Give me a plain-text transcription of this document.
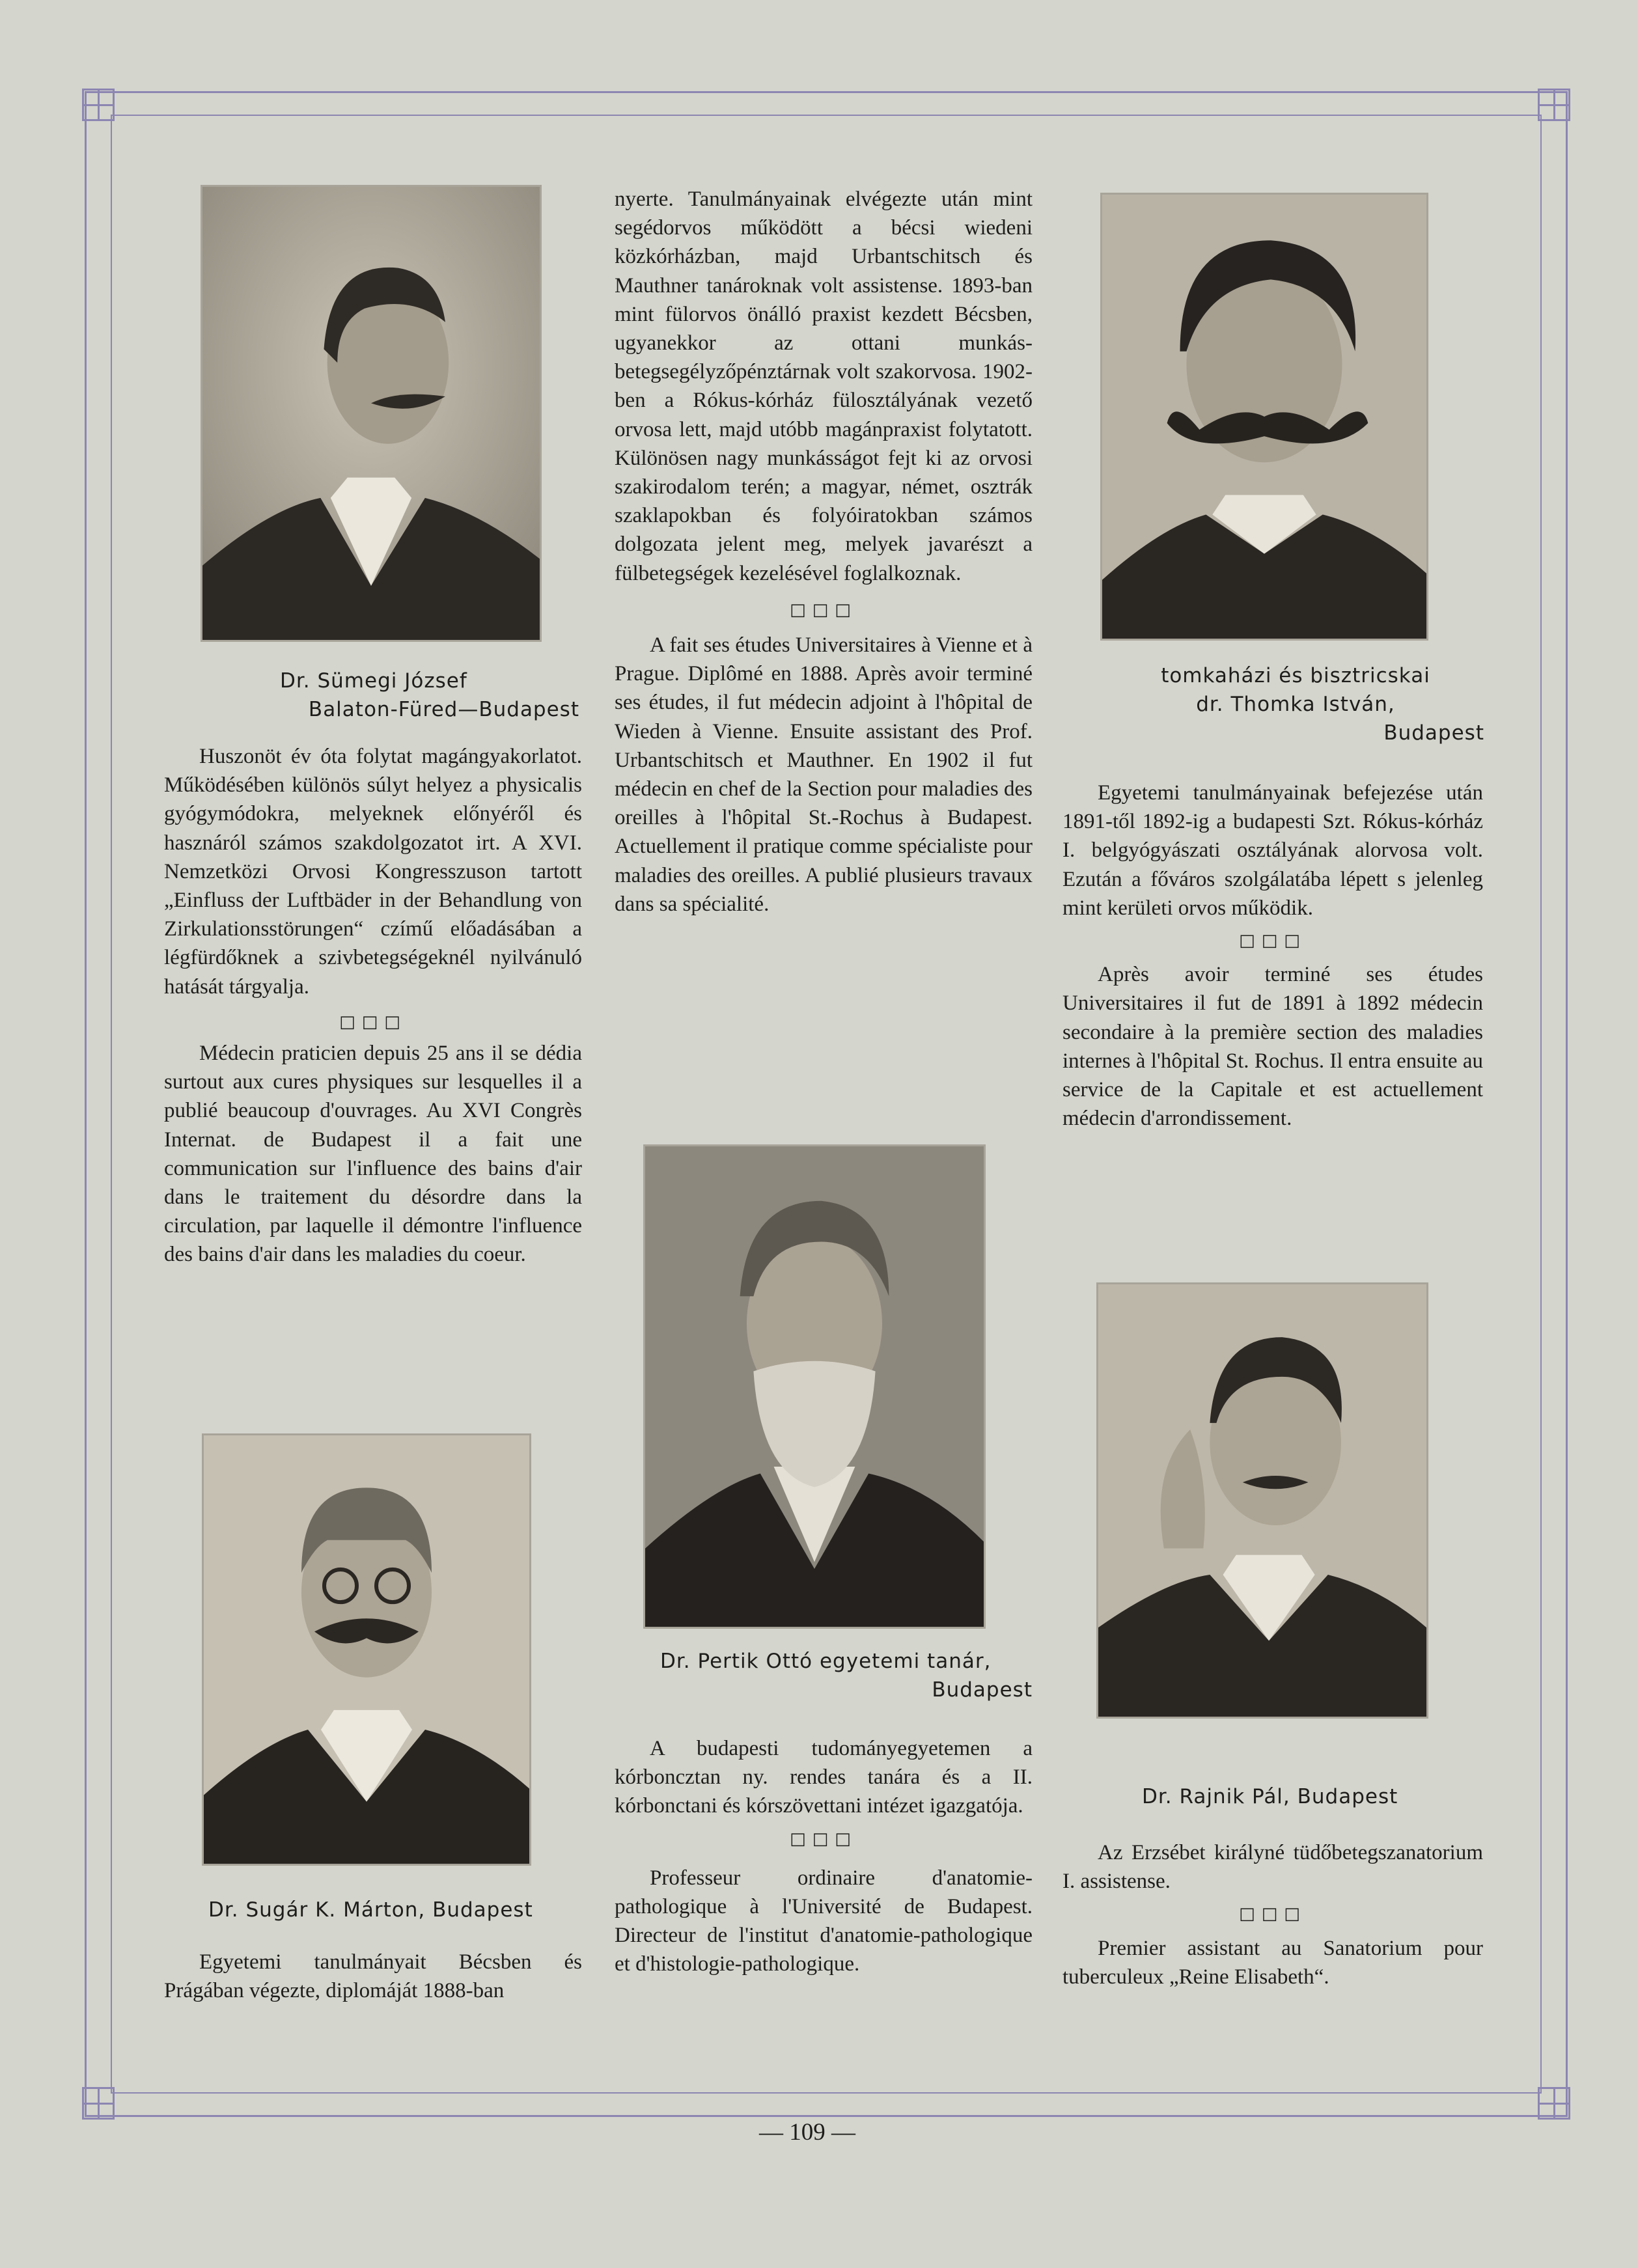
Dr. Sümegi József
Balaton-Füred—Budapest

Huszonöt év óta folytat magángyakorlatot. Működésében különös súlyt helyez a physicalis gyógymódokra, melyeknek előnyéről és hasznáról számos szakdolgozatot irt. A XVI. Nemzetközi Orvosi Kongresszuson tartott „Einfluss der Luftbäder in der Behandlung von Zirkulationsstörungen“ czímű előadásában a légfürdőknek a szivbetegségeknél nyilvánuló hatását tárgyalja.

□□□

Médecin praticien depuis 25 ans il se dédia surtout aux cures physiques sur lesquelles il a publié beaucoup d'ouvrages. Au XVI Congrès Internat. de Budapest il a fait une communication sur l'influence des bains d'air dans le traitement du désordre dans la circulation, par laquelle il démontre l'influence des bains d'air dans les maladies du coeur.

Dr. Sugár K. Márton, Budapest

Egyetemi tanulmányait Bécsben és Prágában végezte, diplomáját 1888-ban

nyerte. Tanulmányainak elvégezte után mint segédorvos működött a bécsi wiedeni közkórházban, majd Urbantschitsch és Mauthner tanároknak volt assistense. 1893-ban mint fülorvos önálló praxist kezdett Bécsben, ugyanekkor az ottani munkás-betegsegélyzőpénztárnak volt szakorvosa. 1902-ben a Rókus-kórház fülosztályának vezető orvosa lett, majd utóbb magánpraxist folytatott. Különösen nagy munkásságot fejt ki az orvosi szakirodalom terén; a magyar, német, osztrák szaklapokban és folyóiratokban számos dolgozata jelent meg, melyek javarészt a fülbetegségek kezelésével foglalkoznak.

□□□

A fait ses études Universitaires à Vienne et à Prague. Diplômé en 1888. Après avoir terminé ses études, il fut médecin adjoint à l'hôpital de Wieden à Vienne. Ensuite assistant des Prof. Urbantschitsch et Mauthner. En 1902 il fut médecin en chef de la Section pour maladies des oreilles à l'hôpital St.-Rochus à Budapest. Actuellement il pratique comme spécialiste pour maladies des oreilles. A publié plusieurs travaux dans sa spécialité.

Dr. Pertik Ottó egyetemi tanár,
Budapest

A budapesti tudományegyetemen a kórboncztan ny. rendes tanára és a II. kórbonctani és kórszövettani intézet igazgatója.

□□□

Professeur ordinaire d'anatomie-pathologique à l'Université de Budapest. Directeur de l'institut d'anatomie-pathologique et d'histologie-pathologique.

tomkaházi és bisztricskai
dr. Thomka István,
Budapest

Egyetemi tanulmányainak befejezése után 1891-től 1892-ig a budapesti Szt. Rókus-kórház I. belgyógyászati osztályának alorvosa volt. Ezután a főváros szolgálatába lépett s jelenleg mint kerületi orvos működik.

□□□

Après avoir terminé ses études Universitaires il fut de 1891 à 1892 médecin secondaire à la première section des maladies internes à l'hôpital St. Rochus. Il entra ensuite au service de la Capitale et est actuellement médecin d'arrondissement.

Dr. Rajnik Pál, Budapest

Az Erzsébet királyné tüdőbetegszanatorium I. assistense.

□□□

Premier assistant au Sanatorium pour tuberculeux „Reine Elisabeth“.

— 109 —
